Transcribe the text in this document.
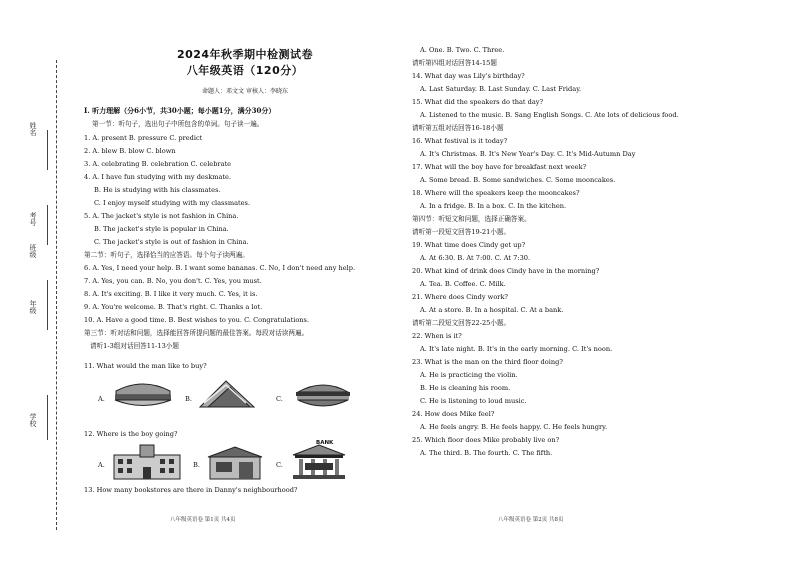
姓名
考号
班级
年级
学校
2024年秋季期中检测试卷
八年级英语（120分）
命题人：邓文文 审核人：李晓东
I. 听力理解（分6小节，共30小题；每小题1分，满分30分）
第一节：听句子，选出句子中所包含的单词。句子读一遍。
1. A. present B. pressure C. predict
2. A. blew B. blow C. blown
3. A. celebrating B. celebration C. celebrate
4. A. I have fun studying with my deskmate.
B. He is studying with his classmates.
C. I enjoy myself studying with my classmates.
5. A. The jacket's style is not fashion in China.
B. The jacket's style is popular in China.
C. The jacket's style is out of fashion in China.
第二节：听句子，选择恰当的应答语。每个句子读两遍。
6. A. Yes, I need your help. B. I want some bananas. C. No, I don't need any help.
7. A. Yes, you can. B. No, you don't. C. Yes, you must.
8. A. It's exciting. B. I like it very much. C. Yes, it is.
9. A. You're welcome. B. That's right. C. Thanks a lot.
10. A. Have a good time. B. Best wishes to you. C. Congratulations.
第三节：听对话和问题，选择能回答所提问题的最佳答案。每段对话读两遍。
请听1-3组对话回答11-13小题
11. What would the man like to buy?
A.	B.	C.
12. Where is the boy going?
A.	B.	C.
BANK
13. How many bookstores are there in Danny's neighbourhood?
八年级英语卷 第1页 共4页
A. One. B. Two. C. Three.
请听第四组对话回答14-15题
14. What day was Lily's birthday?
A. Last Saturday. B. Last Sunday. C. Last Friday.
15. What did the speakers do that day?
A. Listened to the music. B. Sang English Songs. C. Ate lots of delicious food.
请听第五组对话回答16-18小题
16. What festival is it today?
A. It's Christmas. B. It's New Year's Day. C. It's Mid-Autumn Day
17. What will the boy have for breakfast next week?
A. Some bread. B. Some sandwiches. C. Some mooncakes.
18. Where will the speakers keep the mooncakes?
A. In a fridge. B. In a box. C. In the kitchen.
第四节：听短文和问题，选择正确答案。
请听第一段短文回答19-21小题。
19. What time does Cindy get up?
A. At 6:30. B. At 7:00. C. At 7:30.
20. What kind of drink does Cindy have in the morning?
A. Tea. B. Coffee. C. Milk.
21. Where does Cindy work?
A. At a store. B. In a hospital. C. At a bank.
请听第二段短文回答22-25小题。
22. When is it?
A. It's late night. B. It's in the early morning. C. It's noon.
23. What is the man on the third floor doing?
A. He is practicing the violin.
B. He is cleaning his room.
C. He is listening to loud music.
24. How does Mike feel?
A. He feels angry. B. He feels happy. C. He feels hungry.
25. Which floor does Mike probably live on?
A. The third. B. The fourth. C. The fifth.
八年级英语卷 第2页 共8页
